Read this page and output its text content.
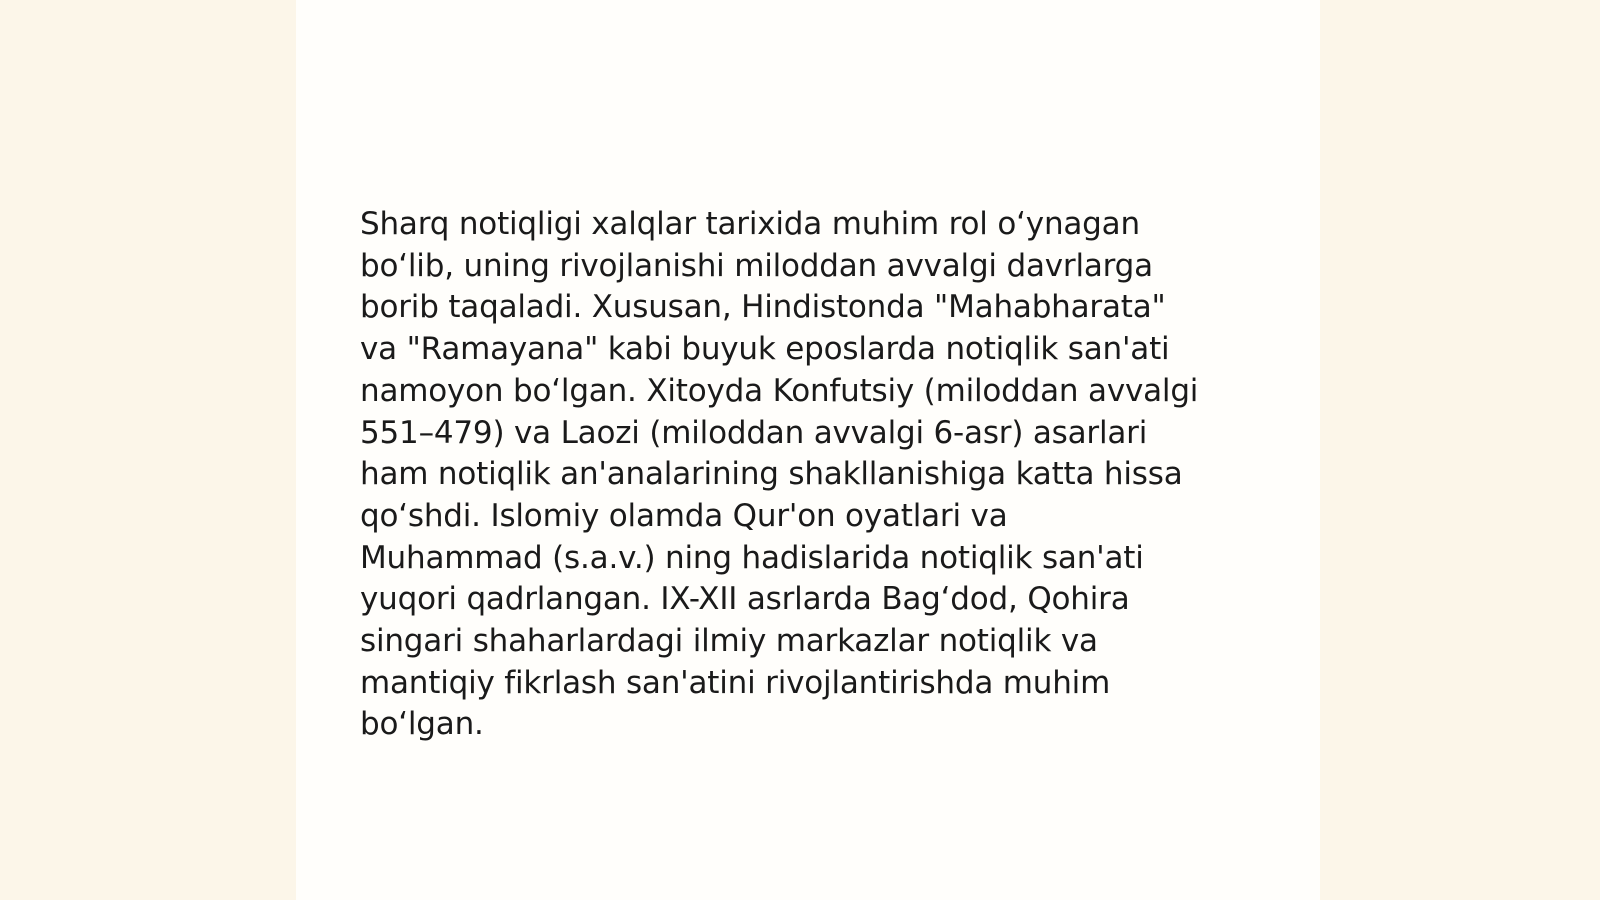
Sharq notiqligi xalqlar tarixida muhim rol o‘ynagan
bo‘lib, uning rivojlanishi miloddan avvalgi davrlarga
borib taqaladi. Xususan, Hindistonda "Mahabharata"
va "Ramayana" kabi buyuk eposlarda notiqlik san'ati
namoyon bo‘lgan. Xitoyda Konfutsiy (miloddan avvalgi
551–479) va Laozi (miloddan avvalgi 6-asr) asarlari
ham notiqlik an'analarining shakllanishiga katta hissa
qo‘shdi. Islomiy olamda Qur'on oyatlari va
Muhammad (s.a.v.) ning hadislarida notiqlik san'ati
yuqori qadrlangan. IX-XII asrlarda Bag‘dod, Qohira
singari shaharlardagi ilmiy markazlar notiqlik va
mantiqiy fikrlash san'atini rivojlantirishda muhim
bo‘lgan.
